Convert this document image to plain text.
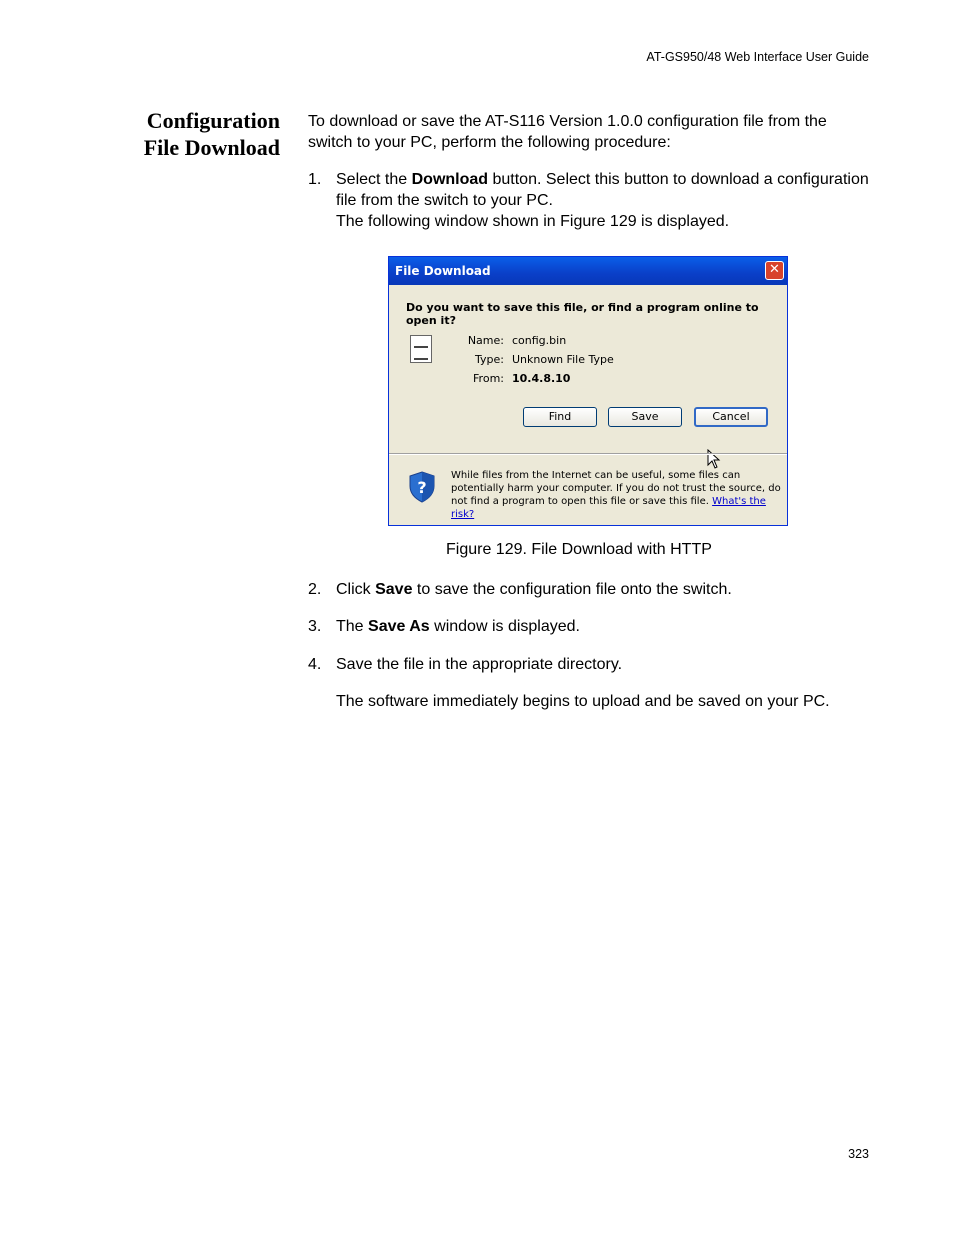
AT-GS950/48 Web Interface User Guide
Configuration
File Download
To download or save the AT-S116 Version 1.0.0 configuration file from the switch to your PC, perform the following procedure:
1. Select the Download button. Select this button to download a configuration file from the switch to your PC.
The following window shown in Figure 129 is displayed.
File Download	✕
Do you want to save this file, or find a program online to open it?
Name: config.bin
Type: Unknown File Type
From: 10.4.8.10
Find	Save	Cancel
?
While files from the Internet can be useful, some files can potentially harm your computer. If you do not trust the source, do not find a program to open this file or save this file. What's the risk?
Figure 129. File Download with HTTP
2. Click Save to save the configuration file onto the switch.
3. The Save As window is displayed.
4. Save the file in the appropriate directory.
The software immediately begins to upload and be saved on your PC.
323
